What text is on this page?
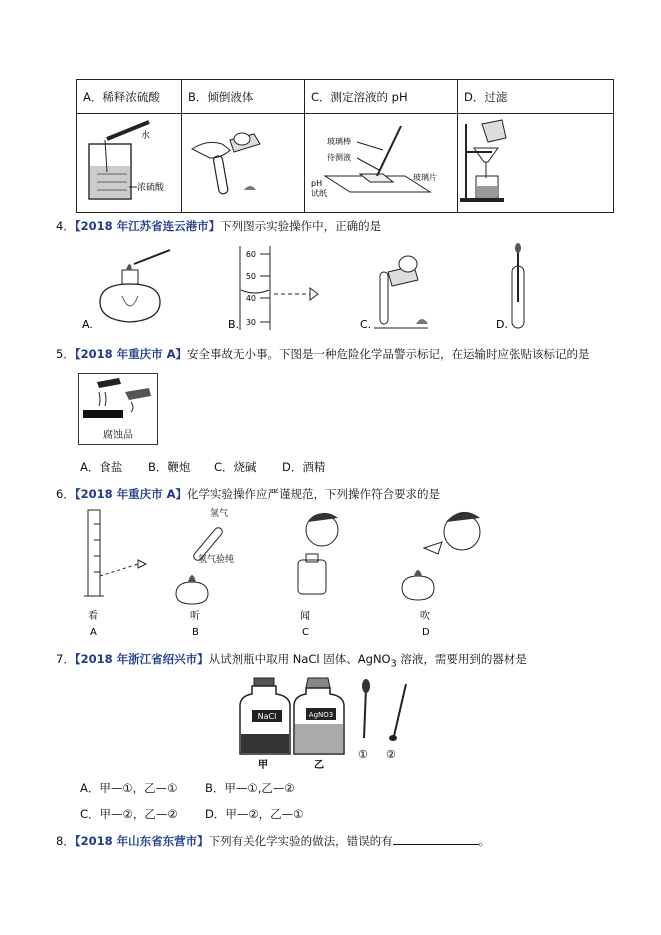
A．稀释浓硫酸	B．倾倒液体	C．测定溶液的 pH	D．过滤

水
浓硫酸		玻璃棒
待测液
pH
试纸
玻璃片

4．【2018 年江苏省连云港市】下列图示实验操作中，正确的是
A.
60
50
40
30
B.	C.	D.
5．【2018 年重庆市 A】安全事故无小事。下图是一种危险化学品警示标记，在运输时应张贴该标记的是
腐蚀品
A．食盐 B．鞭炮 C．烧碱 D．酒精
6．【2018 年重庆市 A】化学实验操作应严谨规范，下列操作符合要求的是
看
A
氢气
氢气验纯
听
B
闻
C
吹
D
7．【2018 年浙江省绍兴市】从试剂瓶中取用 NaCl 固体、AgNO$_3$ 溶液，需要用到的器材是
NaCl
甲
AgNO3
乙
① ②
A．甲—①，乙—① B．甲—①,乙—②
C．甲—②，乙—② D．甲—②，乙—①
8．【2018 年山东省东营市】下列有关化学实验的做法，错误的有	。
